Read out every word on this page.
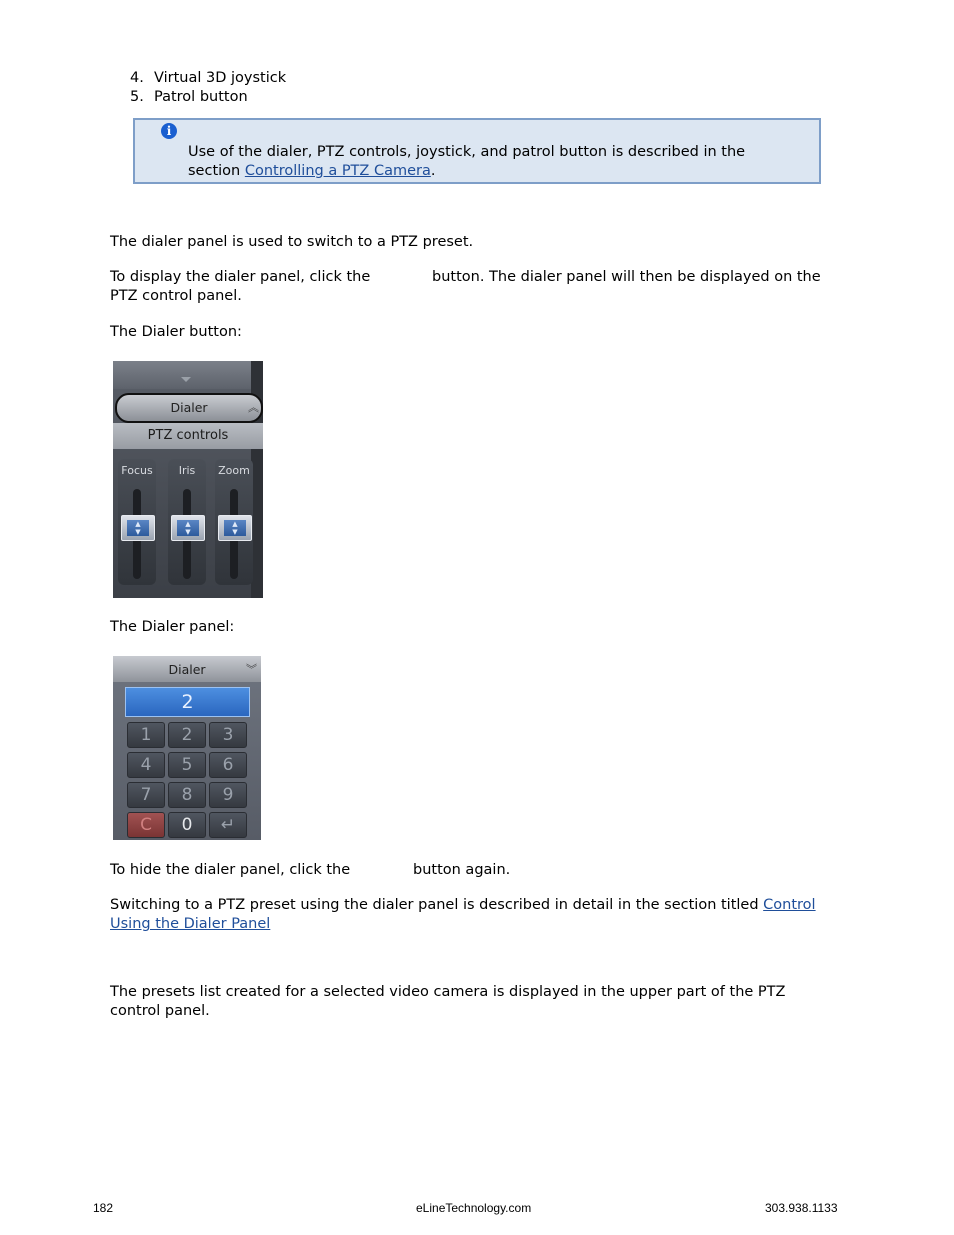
4. Virtual 3D joystick
5. Patrol button
i
Use of the dialer, PTZ controls, joystick, and patrol button is described in the
section Controlling a PTZ Camera.
The dialer panel is used to switch to a PTZ preset.
To display the dialer panel, click the	button. The dialer panel will then be displayed on the
PTZ control panel.
The Dialer button:
Dialer	︽
PTZ controls
Focus
▲
▼
Iris
▲
▼
Zoom
▲
▼
The Dialer panel:
Dialer	︾
2
1	2	3
4	5	6
7	8	9
C	0	↵
To hide the dialer panel, click the	button again.
Switching to a PTZ preset using the dialer panel is described in detail in the section titled Control
Using the Dialer Panel
The presets list created for a selected video camera is displayed in the upper part of the PTZ
control panel.
182	eLineTechnology.com	303.938.1133
